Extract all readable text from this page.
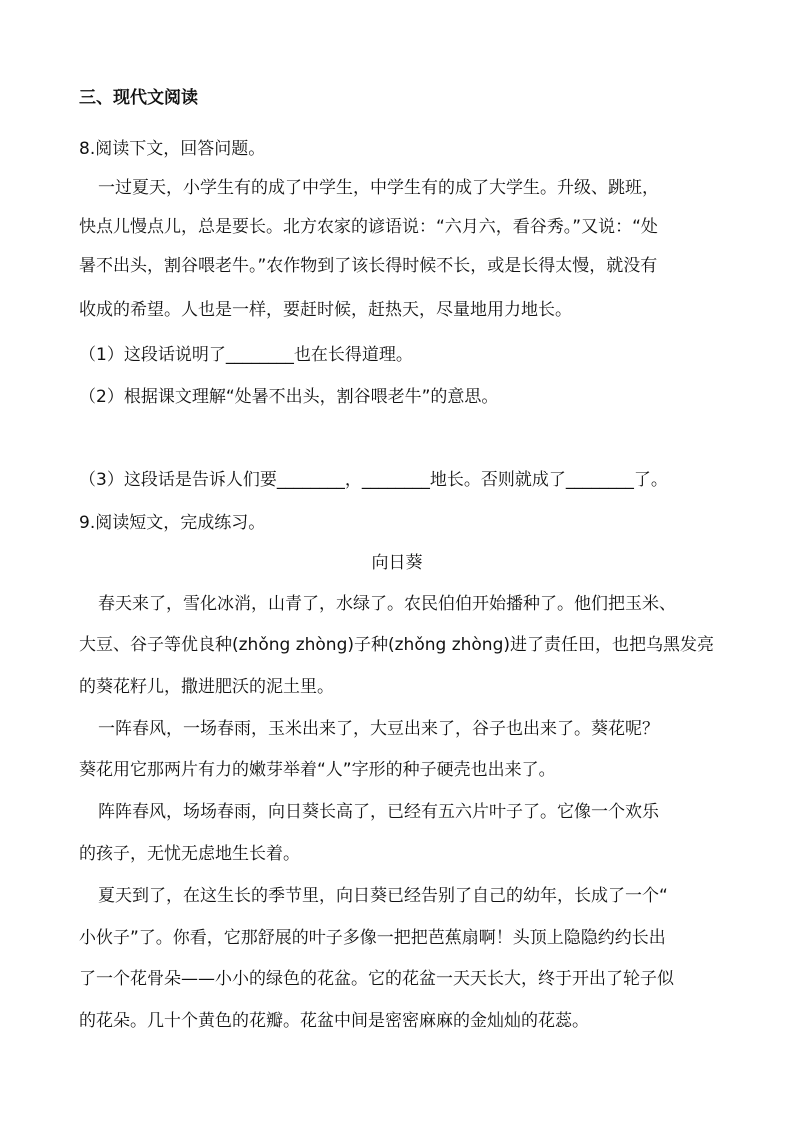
三、现代文阅读
8.阅读下文，回答问题。
一过夏天，小学生有的成了中学生，中学生有的成了大学生。升级、跳班，
快点儿慢点儿，总是要长。北方农家的谚语说：“六月六，看谷秀。”又说：“处
暑不出头，割谷喂老牛。”农作物到了该长得时候不长，或是长得太慢，就没有
收成的希望。人也是一样，要赶时候，赶热天，尽量地用力地长。
（1）这段话说明了________也在长得道理。
（2）根据课文理解“处暑不出头，割谷喂老牛”的意思。
（3）这段话是告诉人们要________，________地长。否则就成了________了。
9.阅读短文，完成练习。
向日葵
春天来了，雪化冰消，山青了，水绿了。农民伯伯开始播种了。他们把玉米、
大豆、谷子等优良种(zhǒng zhòng)子种(zhǒng zhòng)进了责任田，也把乌黑发亮
的葵花籽儿，撒进肥沃的泥土里。
一阵春风，一场春雨，玉米出来了，大豆出来了，谷子也出来了。葵花呢？
葵花用它那两片有力的嫩芽举着“人”字形的种子硬壳也出来了。
阵阵春风，场场春雨，向日葵长高了，已经有五六片叶子了。它像一个欢乐
的孩子，无忧无虑地生长着。
夏天到了，在这生长的季节里，向日葵已经告别了自己的幼年，长成了一个“
小伙子”了。你看，它那舒展的叶子多像一把把芭蕉扇啊！头顶上隐隐约约长出
了一个花骨朵——小小的绿色的花盆。它的花盆一天天长大，终于开出了轮子似
的花朵。几十个黄色的花瓣。花盆中间是密密麻麻的金灿灿的花蕊。
